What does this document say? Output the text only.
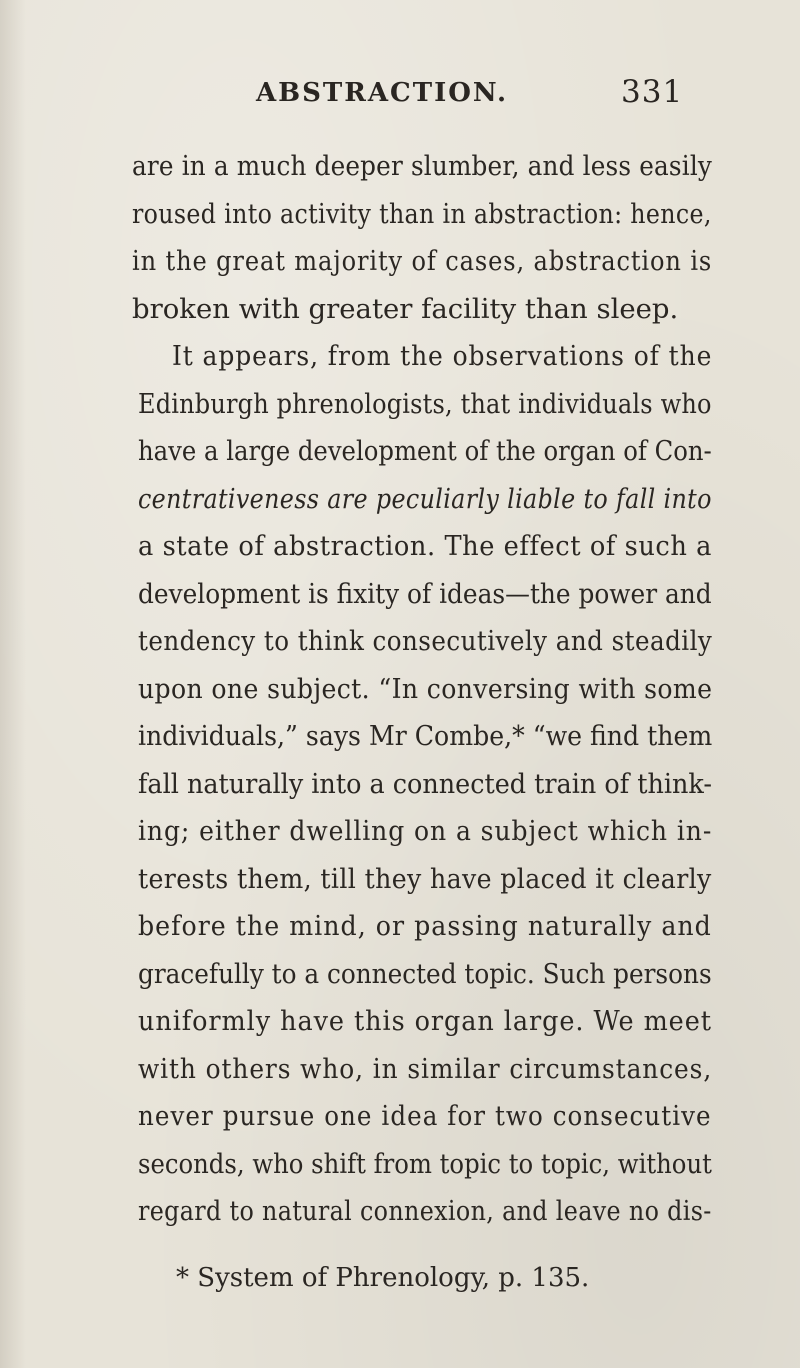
ABSTRACTION.	331
are in a much deeper slumber, and less easily
roused into activity than in abstraction: hence,
in the great majority of cases, abstraction is
broken with greater facility than sleep.
It appears, from the observations of the
Edinburgh phrenologists, that individuals who
have a large development of the organ of Con-
centrativeness are peculiarly liable to fall into
a state of abstraction. The effect of such a
development is fixity of ideas—the power and
tendency to think consecutively and steadily
upon one subject. “In conversing with some
individuals,” says Mr Combe,* “we find them
fall naturally into a connected train of think-
ing; either dwelling on a subject which in-
terests them, till they have placed it clearly
before the mind, or passing naturally and
gracefully to a connected topic. Such persons
uniformly have this organ large. We meet
with others who, in similar circumstances,
never pursue one idea for two consecutive
seconds, who shift from topic to topic, without
regard to natural connexion, and leave no dis-
* System of Phrenology, p. 135.
